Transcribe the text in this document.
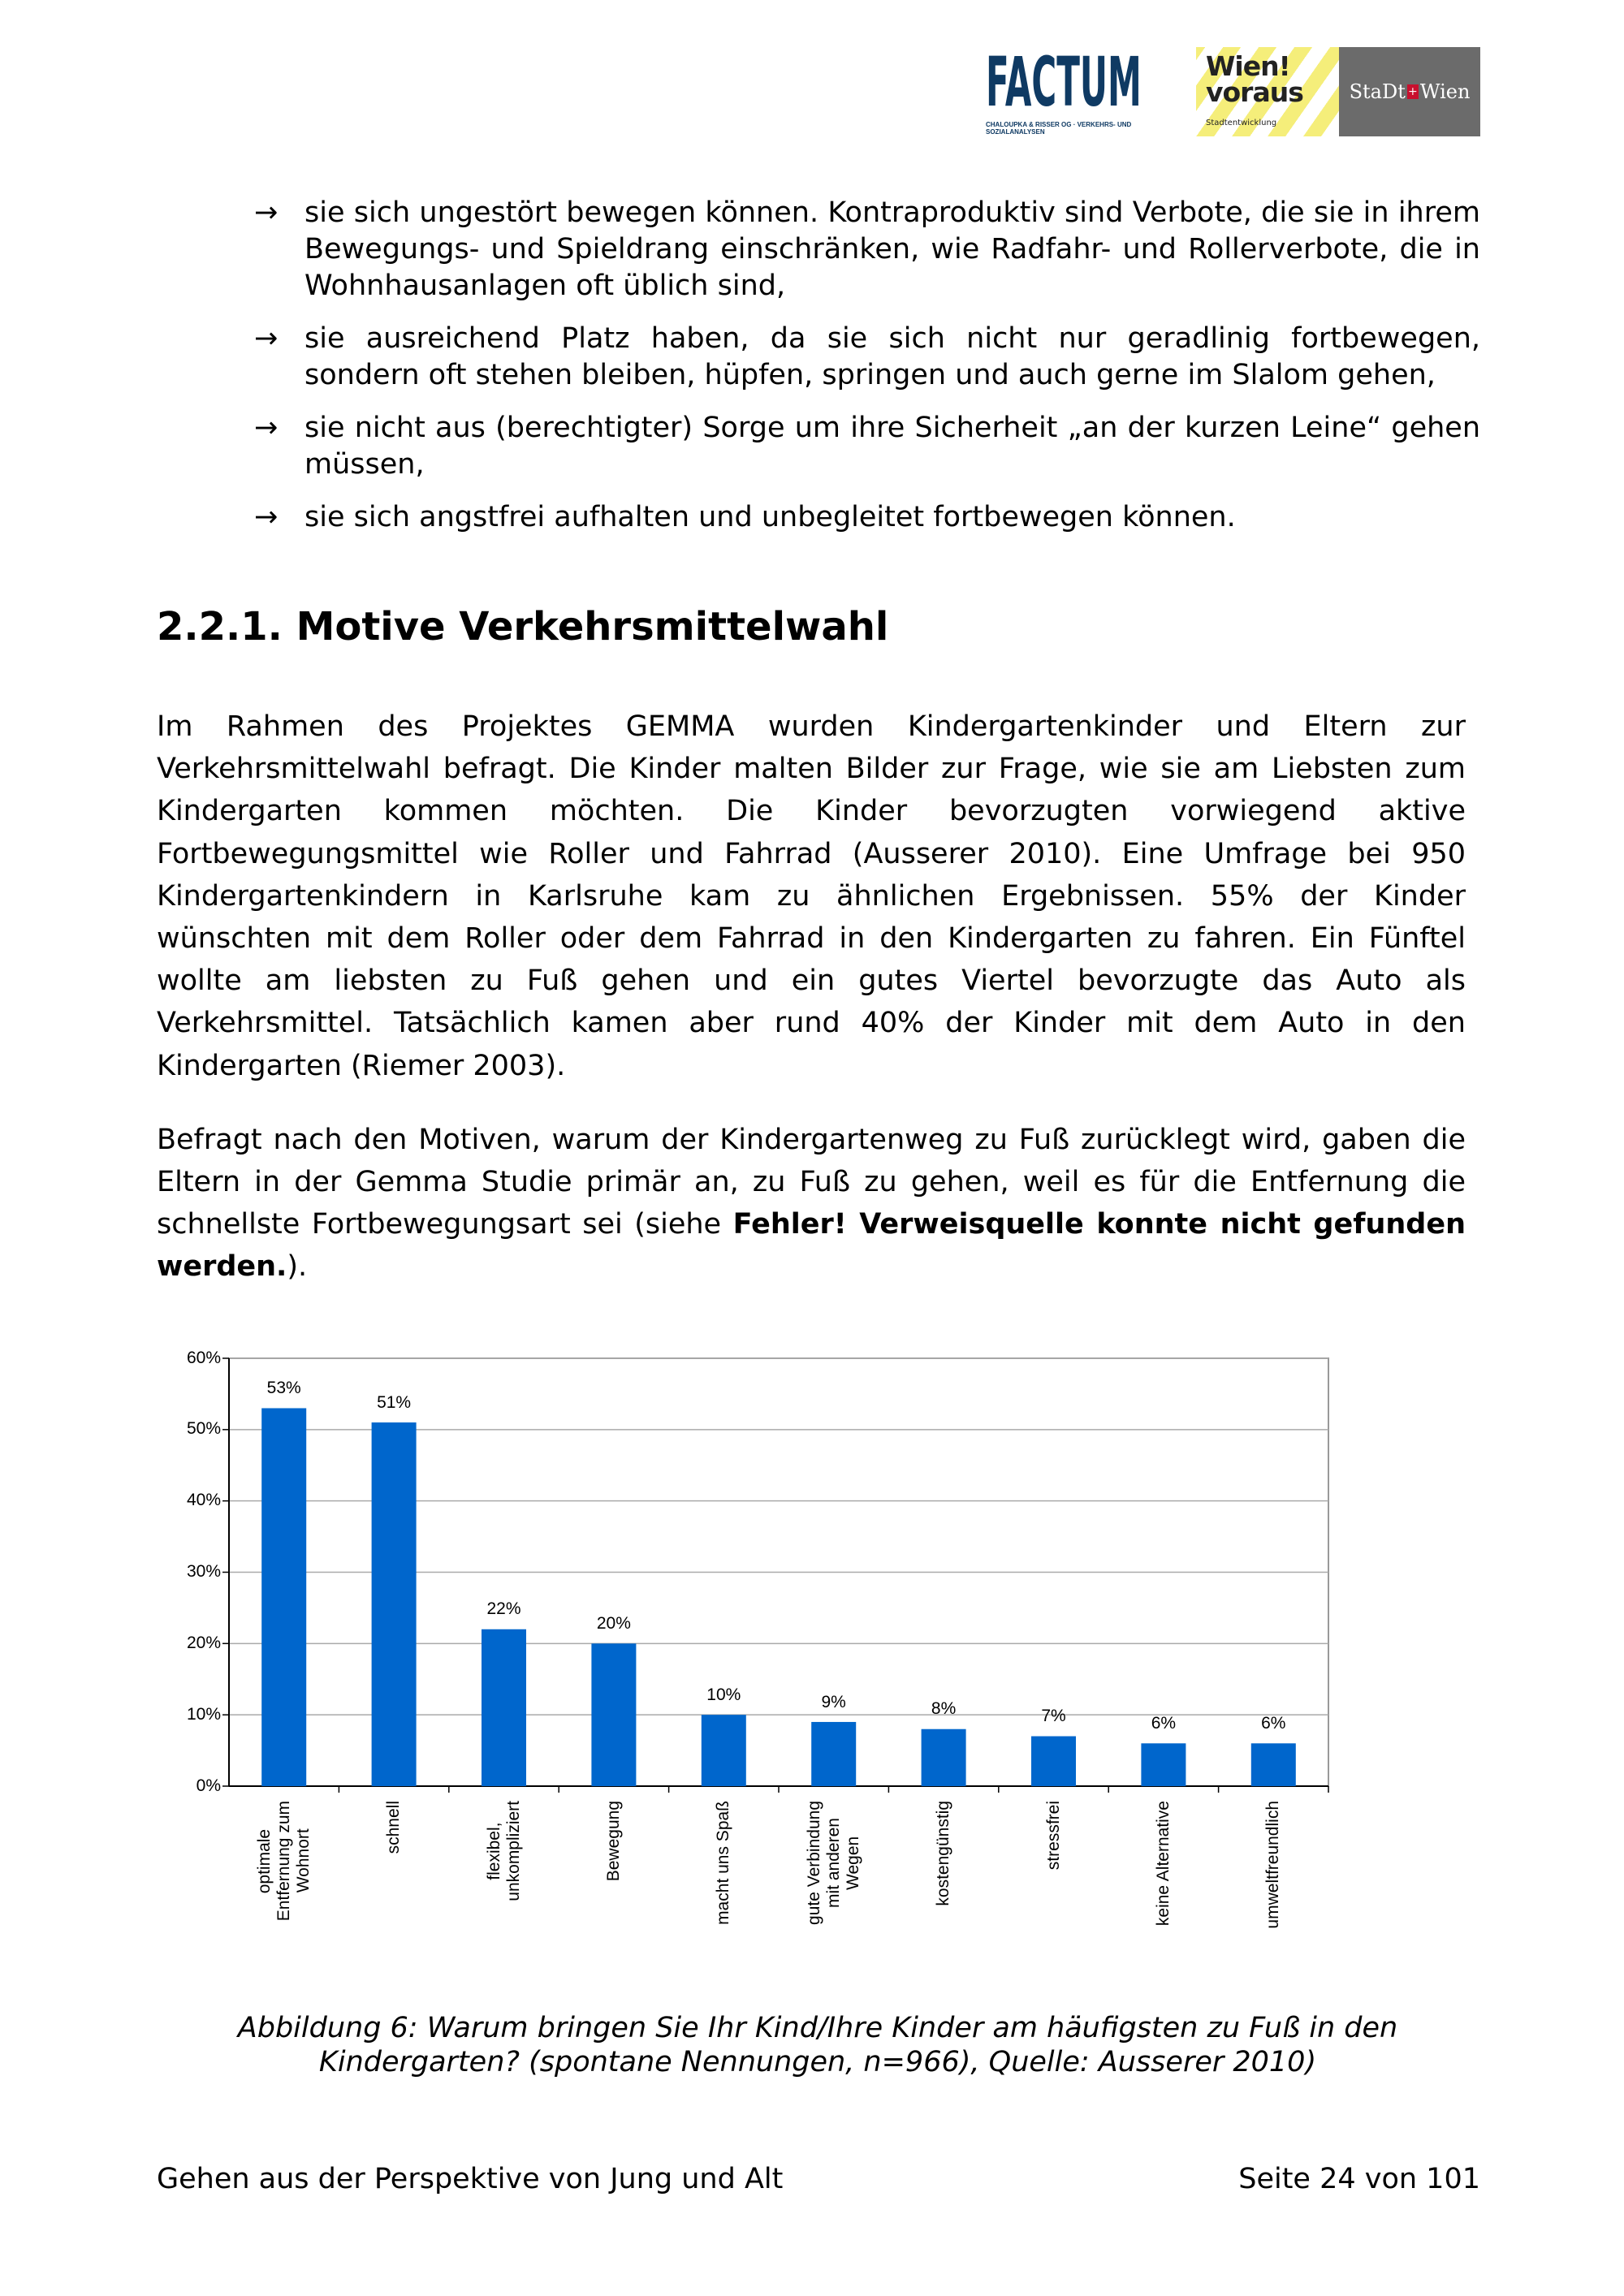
FACTUM
CHALOUPKA & RISSER OG · VERKEHRS- UND SOZIALANALYSEN
Wien! voraus
Stadtentwicklung
StaDt + Wien
→ sie sich ungestört bewegen können. Kontraproduktiv sind Verbote, die sie in ihrem Bewegungs- und Spieldrang einschränken, wie Radfahr- und Rollerverbote, die in Wohnhausanlagen oft üblich sind,
→ sie ausreichend Platz haben, da sie sich nicht nur geradlinig fortbewegen, sondern oft stehen bleiben, hüpfen, springen und auch gerne im Slalom gehen,
→ sie nicht aus (berechtigter) Sorge um ihre Sicherheit „an der kurzen Leine“ gehen müssen,
→ sie sich angstfrei aufhalten und unbegleitet fortbewegen können.
2.2.1. Motive Verkehrsmittelwahl
Im Rahmen des Projektes GEMMA wurden Kindergartenkinder und Eltern zur Verkehrsmittelwahl befragt. Die Kinder malten Bilder zur Frage, wie sie am Liebsten zum Kindergarten kommen möchten. Die Kinder bevorzugten vorwiegend aktive Fortbewegungsmittel wie Roller und Fahrrad (Ausserer 2010). Eine Umfrage bei 950 Kindergartenkindern in Karlsruhe kam zu ähnlichen Ergebnissen. 55% der Kinder wünschten mit dem Roller oder dem Fahrrad in den Kindergarten zu fahren. Ein Fünftel wollte am liebsten zu Fuß gehen und ein gutes Viertel bevorzugte das Auto als Verkehrsmittel. Tatsächlich kamen aber rund 40% der Kinder mit dem Auto in den Kindergarten (Riemer 2003).
Befragt nach den Motiven, warum der Kindergartenweg zu Fuß zurücklegt wird, gaben die Eltern in der Gemma Studie primär an, zu Fuß zu gehen, weil es für die Entfernung die schnellste Fortbewegungsart sei (siehe Fehler! Verweisquelle konnte nicht gefunden werden.).
0%
10%
20%
30%
40%
50%
60%
53%
optimale
Entfernung zum
Wohnort
51%
schnell
22%
flexibel,
unkompliziert
20%
Bewegung
10%
macht uns Spaß
9%
gute Verbindung
mit anderen
Wegen
8%
kostengünstig
7%
stressfrei
6%
keine Alternative
6%
umweltfreundlich
Abbildung 6: Warum bringen Sie Ihr Kind/Ihre Kinder am häufigsten zu Fuß in den
Kindergarten? (spontane Nennungen, n=966), Quelle: Ausserer 2010)
Gehen aus der Perspektive von Jung und Alt	Seite 24 von 101
